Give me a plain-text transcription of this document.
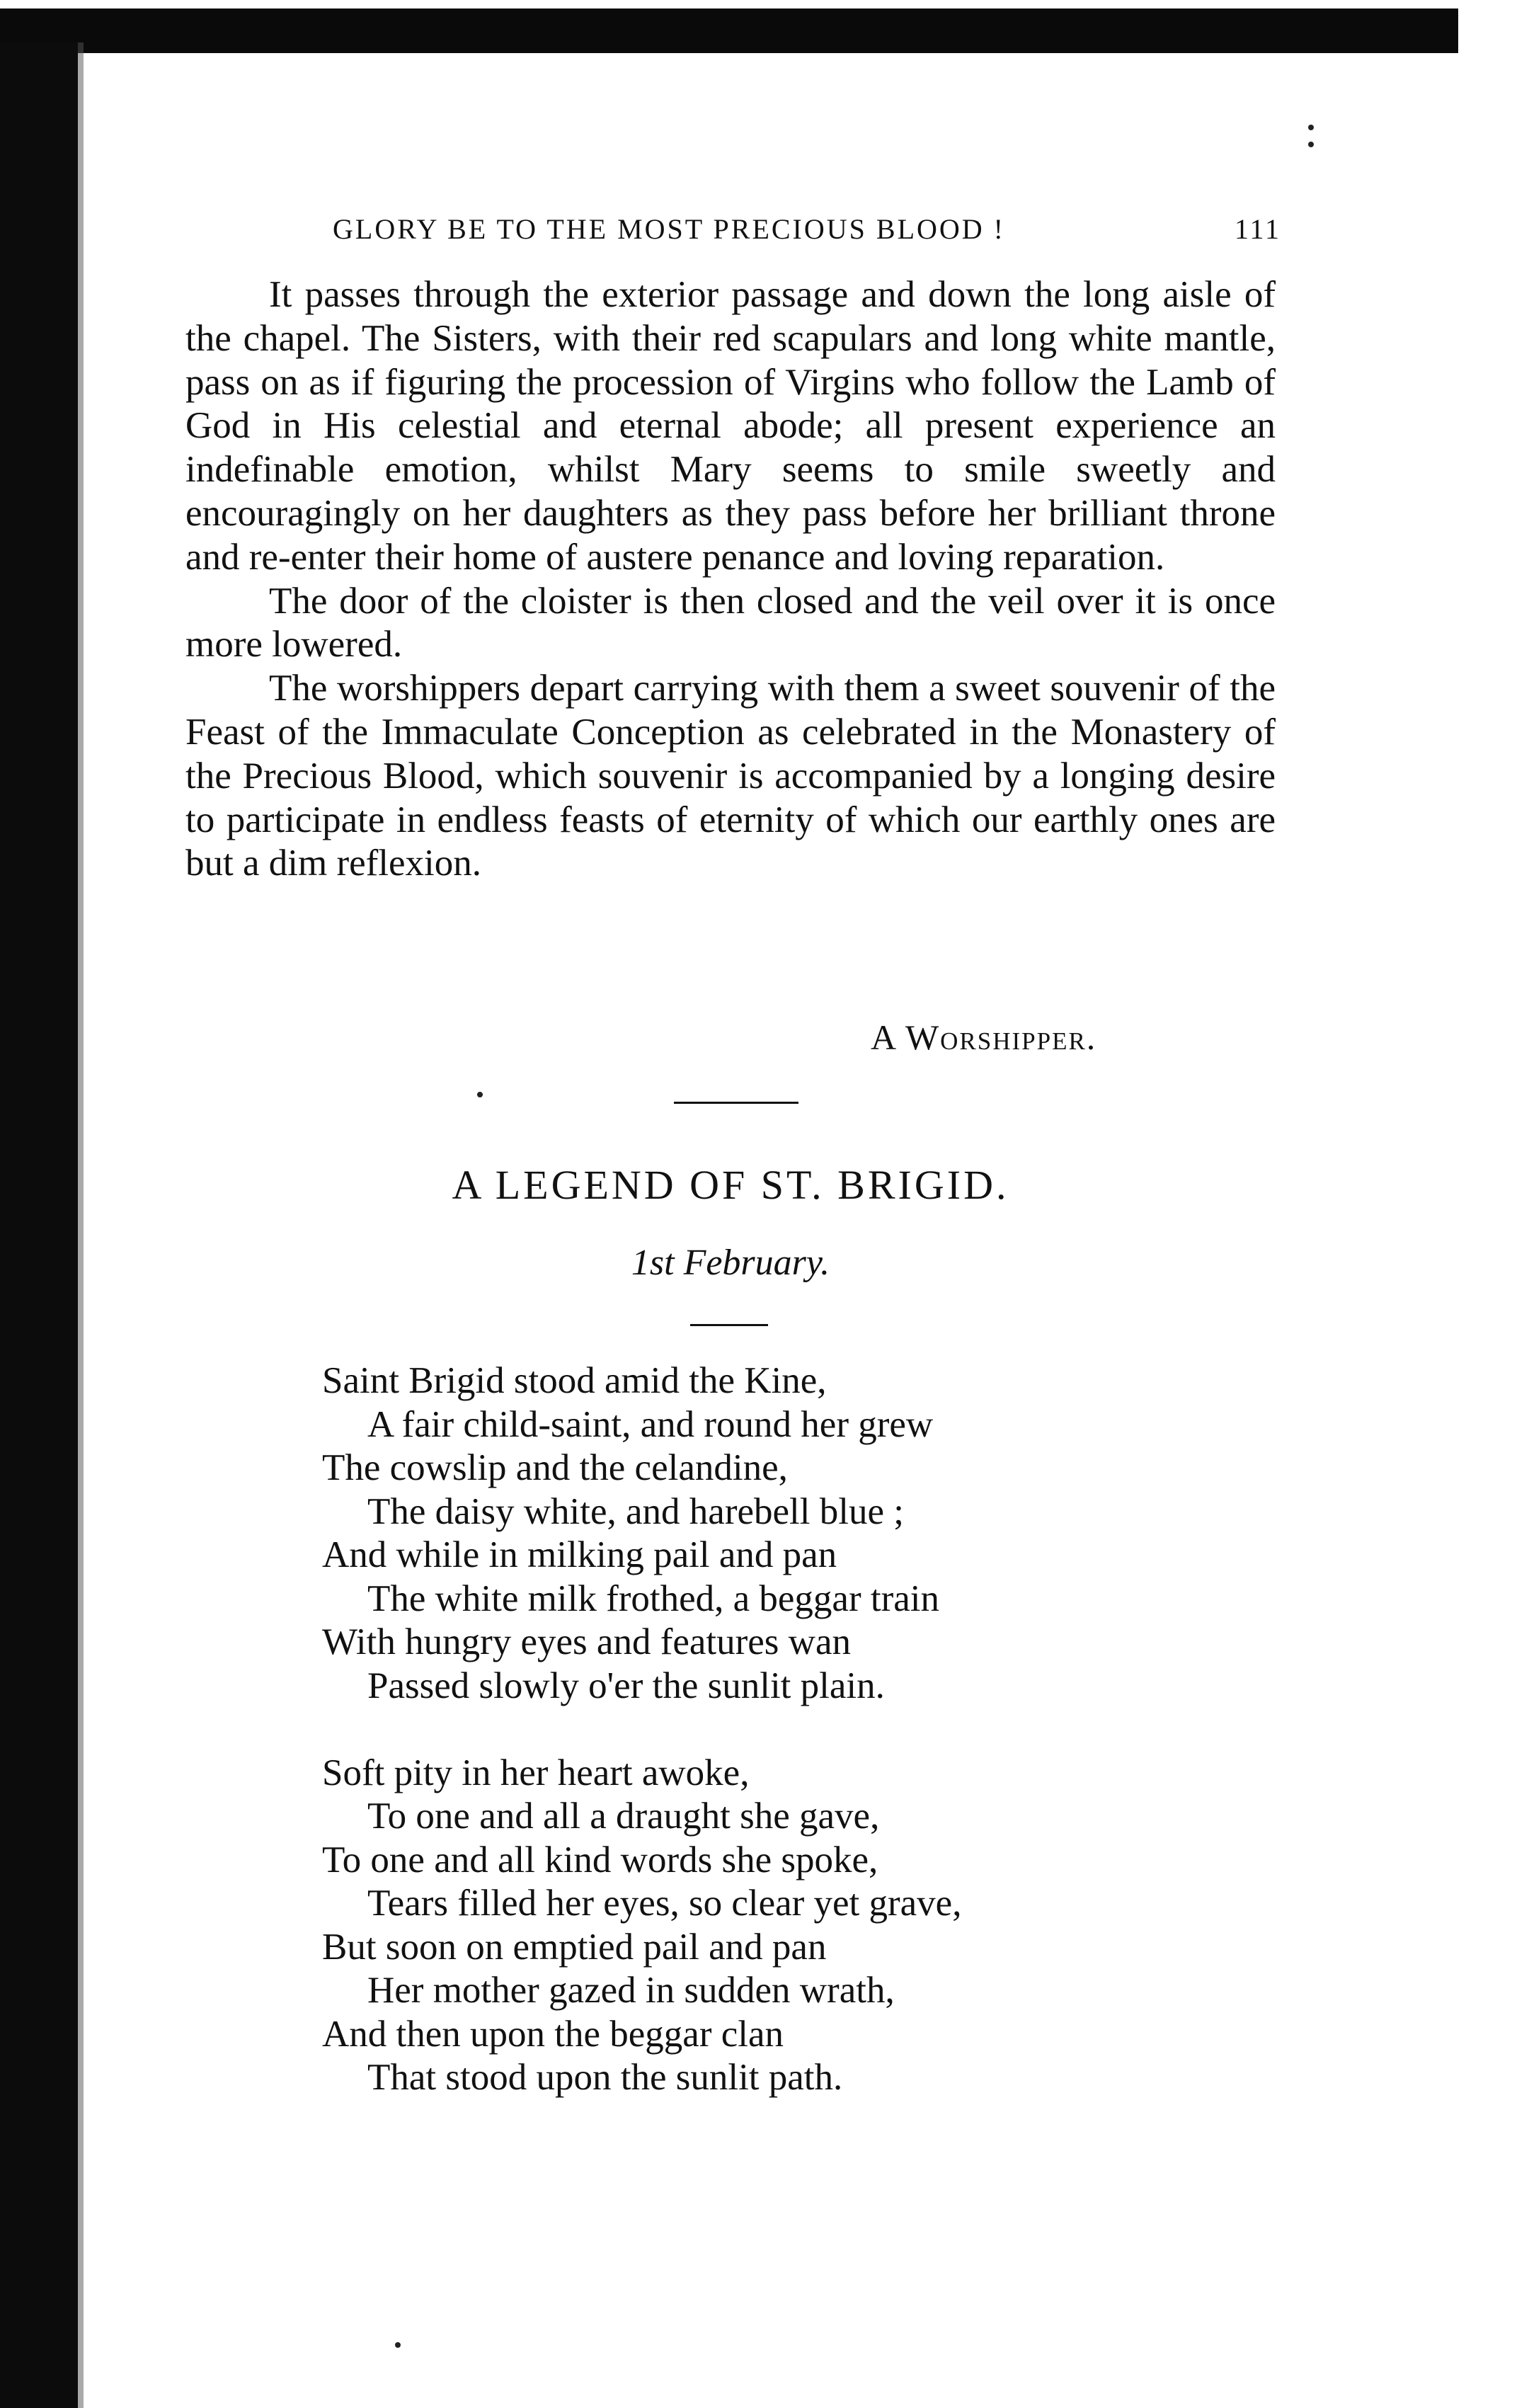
GLORY BE TO THE MOST PRECIOUS BLOOD !	111

It passes through the exterior passage and down the long aisle of the chapel. The Sisters, with their red scapulars and long white mantle, pass on as if figuring the procession of Virgins who follow the Lamb of God in His celestial and eternal abode; all present experience an indefinable emotion, whilst Mary seems to smile sweetly and encouragingly on her daughters as they pass before her brilliant throne and re-enter their home of austere penance and loving reparation.

The door of the cloister is then closed and the veil over it is once more lowered.

The worshippers depart carrying with them a sweet souvenir of the Feast of the Immaculate Conception as celebrated in the Monastery of the Precious Blood, which souvenir is accompanied by a longing desire to participate in endless feasts of eternity of which our earthly ones are but a dim reflexion.

A Worshipper.
A LEGEND OF ST. BRIGID.
1st February.
Saint Brigid stood amid the Kine,
A fair child-saint, and round her grew
The cowslip and the celandine,
The daisy white, and harebell blue ;
And while in milking pail and pan
The white milk frothed, a beggar train
With hungry eyes and features wan
Passed slowly o'er the sunlit plain.
Soft pity in her heart awoke,
To one and all a draught she gave,
To one and all kind words she spoke,
Tears filled her eyes, so clear yet grave,
But soon on emptied pail and pan
Her mother gazed in sudden wrath,
And then upon the beggar clan
That stood upon the sunlit path.
